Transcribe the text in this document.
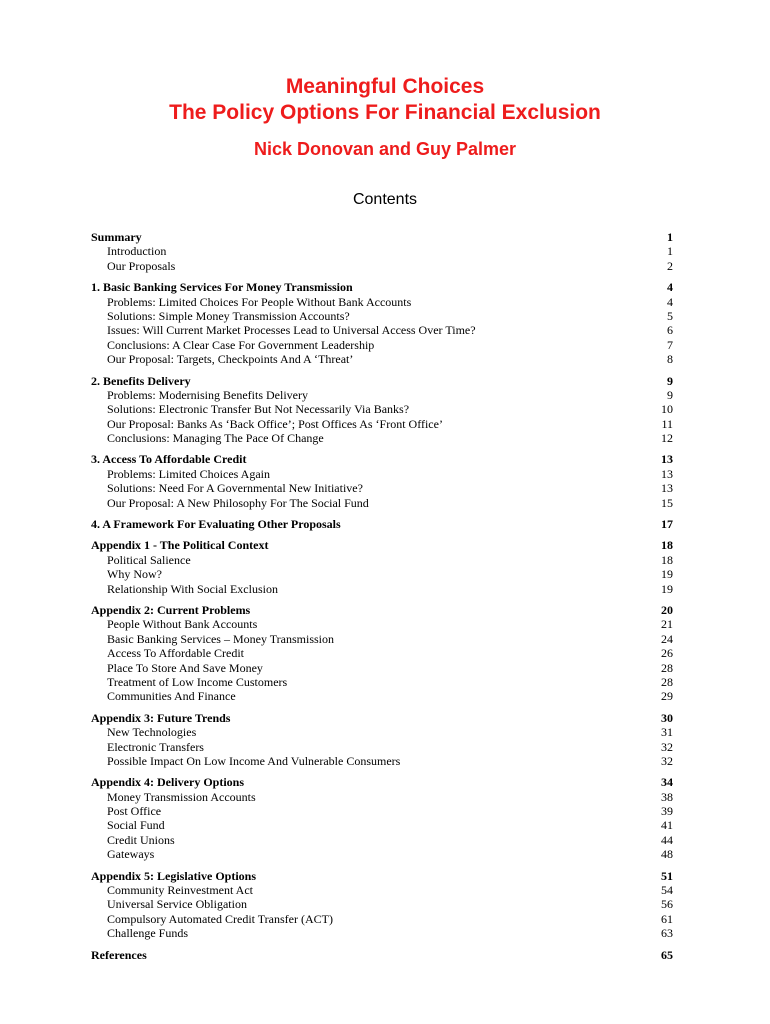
Meaningful Choices
The Policy Options For Financial Exclusion
Nick Donovan and Guy Palmer
Contents
Summary	1
Introduction	1
Our Proposals	2
1. Basic Banking Services For Money Transmission	4
Problems: Limited Choices For People Without Bank Accounts	4
Solutions: Simple Money Transmission Accounts?	5
Issues: Will Current Market Processes Lead to Universal Access Over Time?	6
Conclusions: A Clear Case For Government Leadership	7
Our Proposal: Targets, Checkpoints And A ‘Threat’	8
2. Benefits Delivery	9
Problems: Modernising Benefits Delivery	9
Solutions: Electronic Transfer But Not Necessarily Via Banks?	10
Our Proposal: Banks As ‘Back Office’; Post Offices As ‘Front Office’	11
Conclusions: Managing The Pace Of Change	12
3. Access To Affordable Credit	13
Problems: Limited Choices Again	13
Solutions: Need For A Governmental New Initiative?	13
Our Proposal: A New Philosophy For The Social Fund	15
4. A Framework For Evaluating Other Proposals	17
Appendix 1 - The Political Context	18
Political Salience	18
Why Now?	19
Relationship With Social Exclusion	19
Appendix 2: Current Problems	20
People Without Bank Accounts	21
Basic Banking Services – Money Transmission	24
Access To Affordable Credit	26
Place To Store And Save Money	28
Treatment of Low Income Customers	28
Communities And Finance	29
Appendix 3: Future Trends	30
New Technologies	31
Electronic Transfers	32
Possible Impact On Low Income And Vulnerable Consumers	32
Appendix 4: Delivery Options	34
Money Transmission Accounts	38
Post Office	39
Social Fund	41
Credit Unions	44
Gateways	48
Appendix 5: Legislative Options	51
Community Reinvestment Act	54
Universal Service Obligation	56
Compulsory Automated Credit Transfer (ACT)	61
Challenge Funds	63
References	65
